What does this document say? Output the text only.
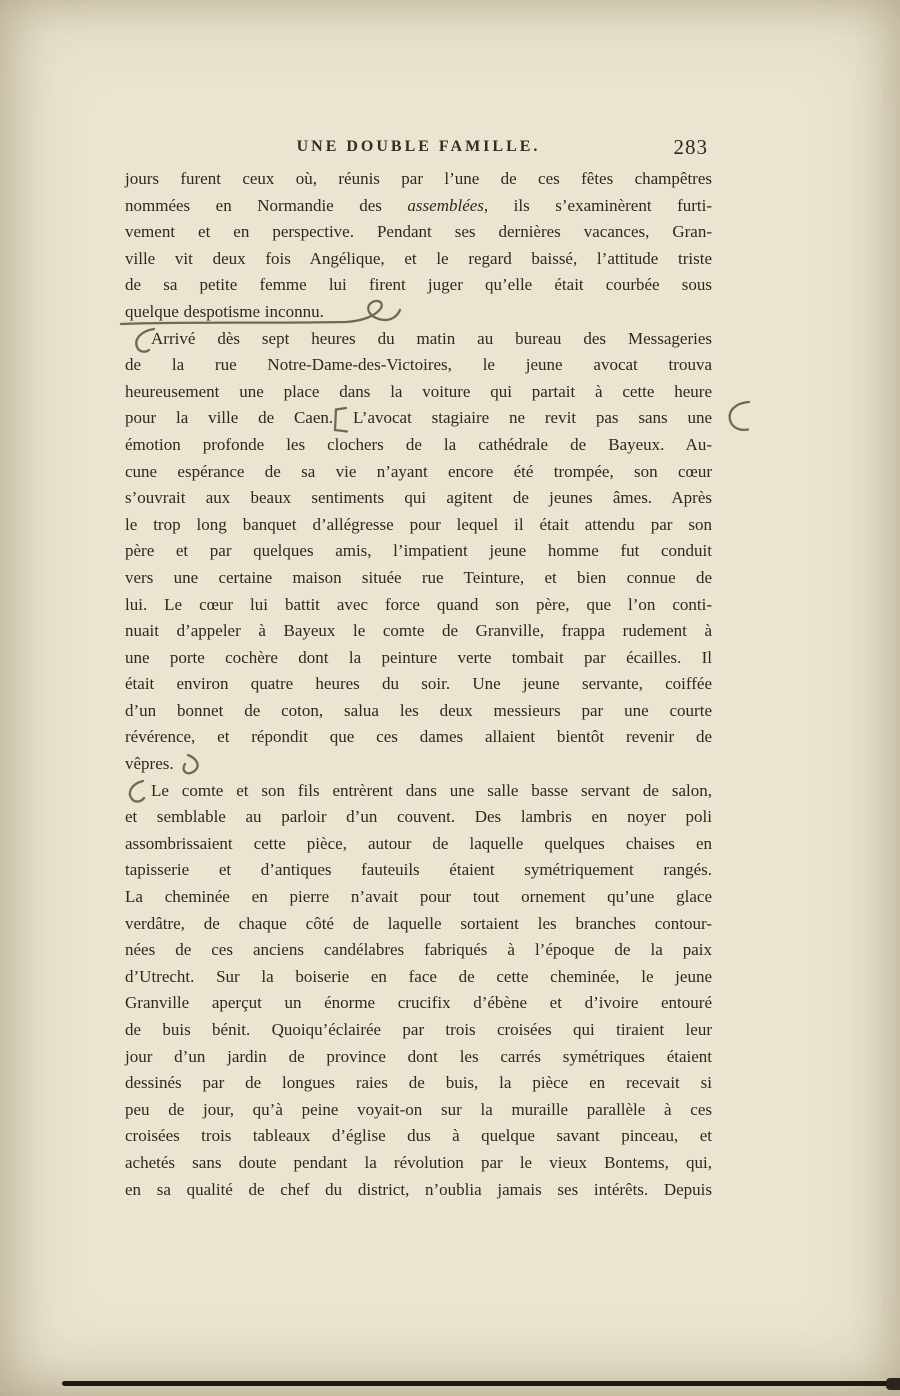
UNE DOUBLE FAMILLE.	283
jours furent ceux où, réunis par l’une de ces fêtes champêtres
nommées en Normandie des assemblées, ils s’examinèrent furti-
vement et en perspective. Pendant ses dernières vacances, Gran-
ville vit deux fois Angélique, et le regard baissé, l’attitude triste
de sa petite femme lui firent juger qu’elle était courbée sous
quelque despotisme inconnu.
Arrivé dès sept heures du matin au bureau des Messageries
de la rue Notre-Dame-des-Victoires, le jeune avocat trouva
heureusement une place dans la voiture qui partait à cette heure
pour la ville de Caen. L’avocat stagiaire ne revit pas sans une
émotion profonde les clochers de la cathédrale de Bayeux. Au-
cune espérance de sa vie n’ayant encore été trompée, son cœur
s’ouvrait aux beaux sentiments qui agitent de jeunes âmes. Après
le trop long banquet d’allégresse pour lequel il était attendu par son
père et par quelques amis, l’impatient jeune homme fut conduit
vers une certaine maison située rue Teinture, et bien connue de
lui. Le cœur lui battit avec force quand son père, que l’on conti-
nuait d’appeler à Bayeux le comte de Granville, frappa rudement à
une porte cochère dont la peinture verte tombait par écailles. Il
était environ quatre heures du soir. Une jeune servante, coiffée
d’un bonnet de coton, salua les deux messieurs par une courte
révérence, et répondit que ces dames allaient bientôt revenir de
vêpres.
Le comte et son fils entrèrent dans une salle basse servant de salon,
et semblable au parloir d’un couvent. Des lambris en noyer poli
assombrissaient cette pièce, autour de laquelle quelques chaises en
tapisserie et d’antiques fauteuils étaient symétriquement rangés.
La cheminée en pierre n’avait pour tout ornement qu’une glace
verdâtre, de chaque côté de laquelle sortaient les branches contour-
nées de ces anciens candélabres fabriqués à l’époque de la paix
d’Utrecht. Sur la boiserie en face de cette cheminée, le jeune
Granville aperçut un énorme crucifix d’ébène et d’ivoire entouré
de buis bénit. Quoiqu’éclairée par trois croisées qui tiraient leur
jour d’un jardin de province dont les carrés symétriques étaient
dessinés par de longues raies de buis, la pièce en recevait si
peu de jour, qu’à peine voyait-on sur la muraille parallèle à ces
croisées trois tableaux d’église dus à quelque savant pinceau, et
achetés sans doute pendant la révolution par le vieux Bontems, qui,
en sa qualité de chef du district, n’oublia jamais ses intérêts. Depuis
